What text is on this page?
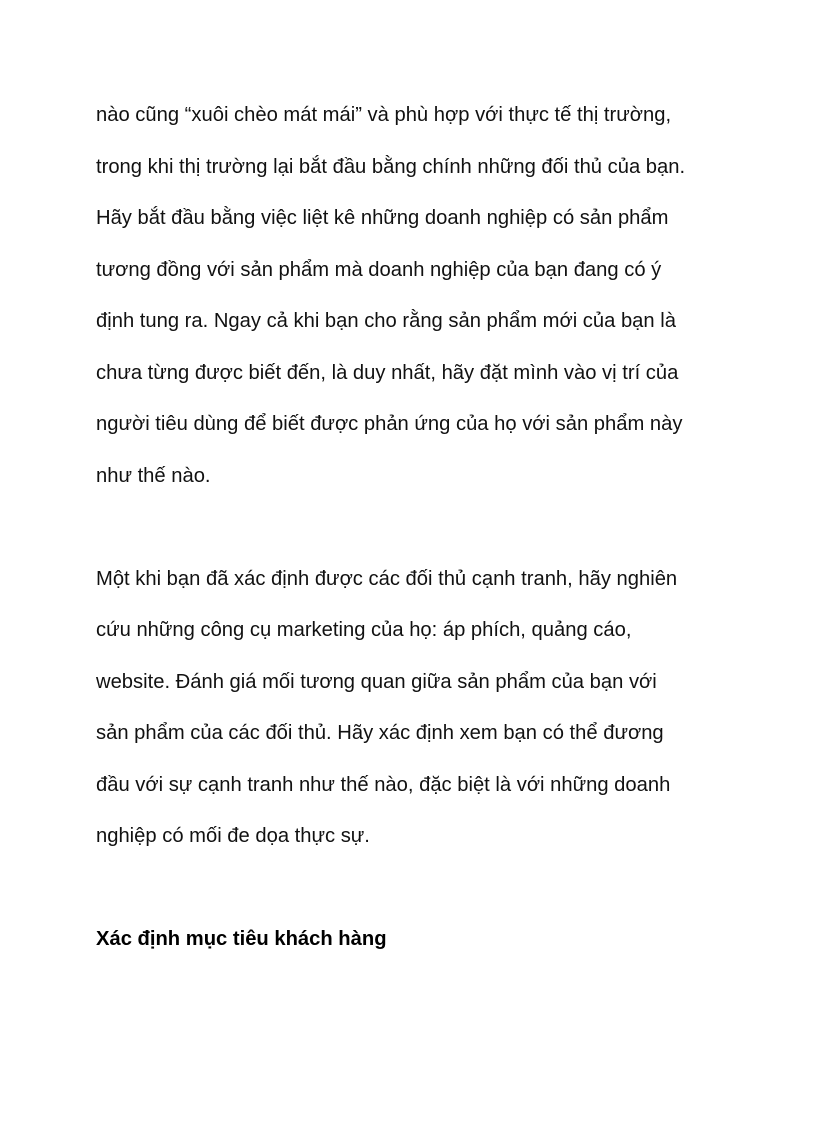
nào cũng “xuôi chèo mát mái” và phù hợp với thực tế thị trường,
trong khi thị trường lại bắt đầu bằng chính những đối thủ của bạn.
Hãy bắt đầu bằng việc liệt kê những doanh nghiệp có sản phẩm
tương đồng với sản phẩm mà doanh nghiệp của bạn đang có ý
định tung ra. Ngay cả khi bạn cho rằng sản phẩm mới của bạn là
chưa từng được biết đến, là duy nhất, hãy đặt mình vào vị trí của
người tiêu dùng để biết được phản ứng của họ với sản phẩm này
như thế nào.
Một khi bạn đã xác định được các đối thủ cạnh tranh, hãy nghiên
cứu những công cụ marketing của họ: áp phích, quảng cáo,
website. Đánh giá mối tương quan giữa sản phẩm của bạn với
sản phẩm của các đối thủ. Hãy xác định xem bạn có thể đương
đầu với sự cạnh tranh như thế nào, đặc biệt là với những doanh
nghiệp có mối đe dọa thực sự.
Xác định mục tiêu khách hàng
